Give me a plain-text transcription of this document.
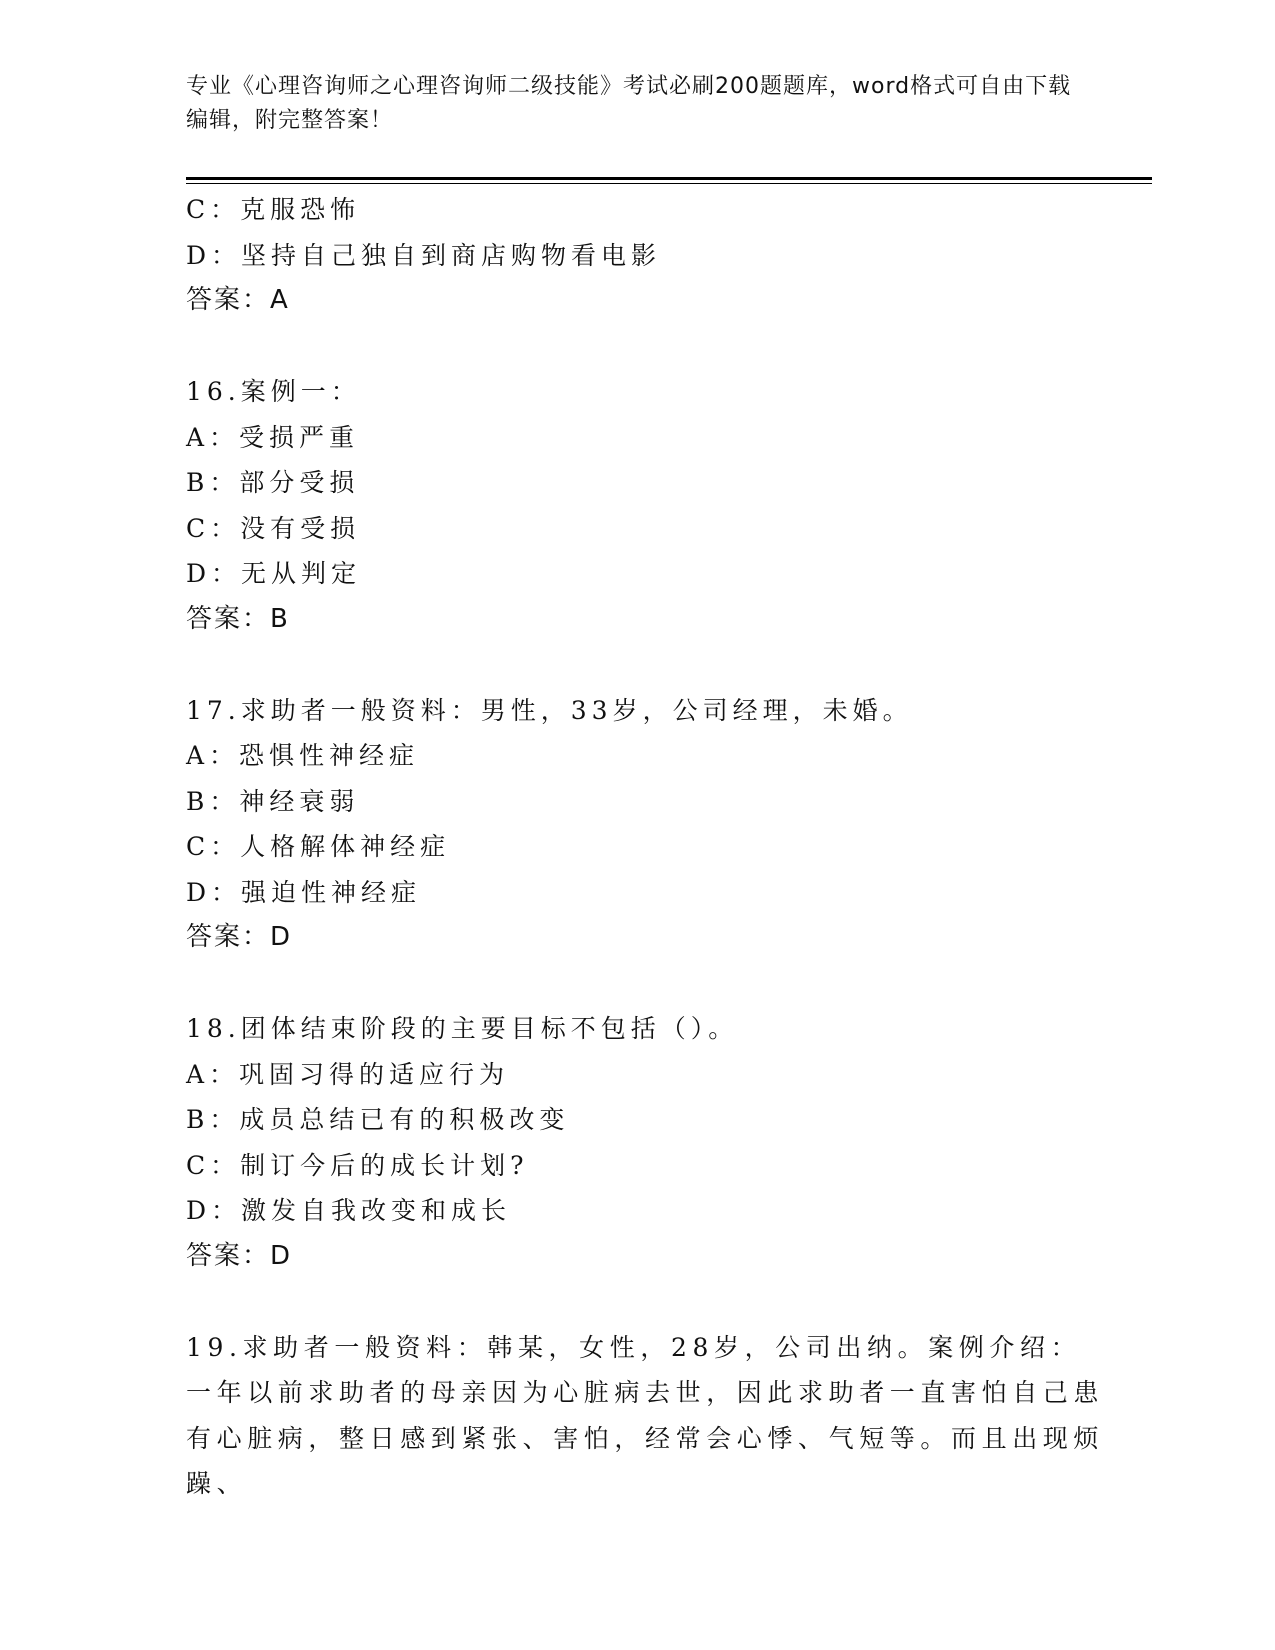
专业《心理咨询师之心理咨询师二级技能》考试必刷200题题库，word格式可自由下载编辑，附完整答案！
C：克服恐怖
D：坚持自己独自到商店购物看电影
答案：A
16.案例一：
A：受损严重
B：部分受损
C：没有受损
D：无从判定
答案：B
17.求助者一般资料：男性，33岁，公司经理，未婚。
A：恐惧性神经症
B：神经衰弱
C：人格解体神经症
D：强迫性神经症
答案：D
18.团体结束阶段的主要目标不包括（）。
A：巩固习得的适应行为
B：成员总结已有的积极改变
C：制订今后的成长计划?
D：激发自我改变和成长
答案：D
19.求助者一般资料：韩某，女性，28岁，公司出纳。案例介绍：一年以前求助者的母亲因为心脏病去世，因此求助者一直害怕自己患有心脏病，整日感到紧张、害怕，经常会心悸、气短等。而且出现烦躁、
